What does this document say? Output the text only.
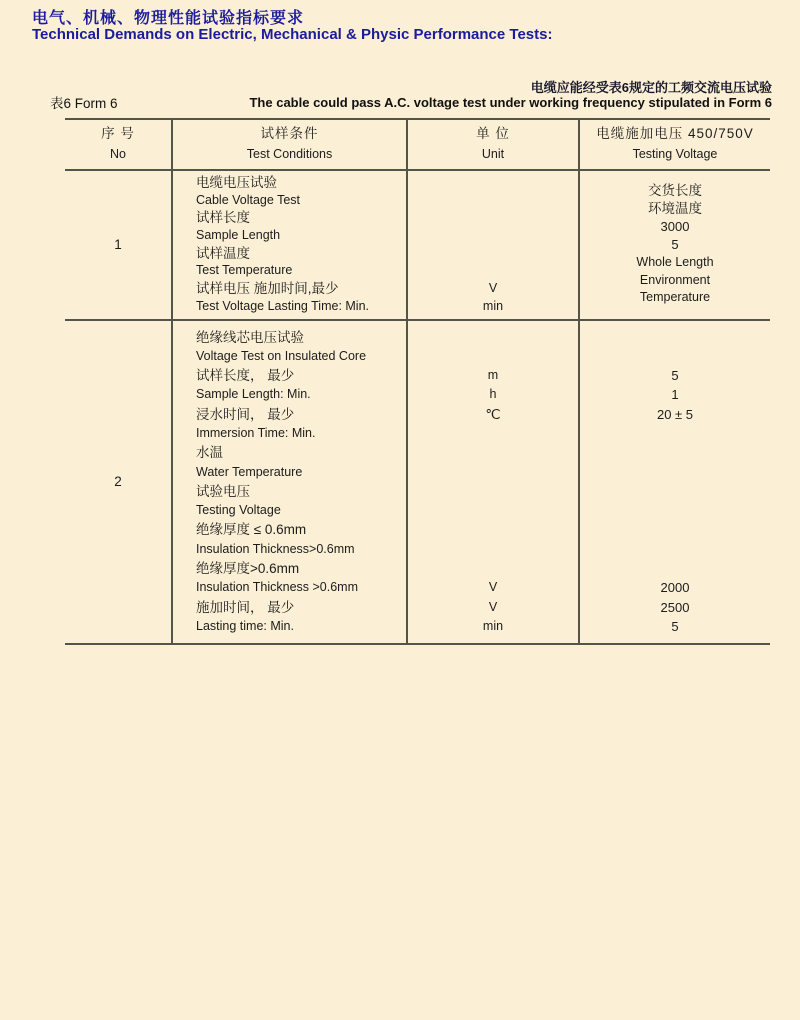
电气、机械、物理性能试验指标要求
Technical Demands on Electric, Mechanical & Physic Performance Tests:
电缆应能经受表6规定的工频交流电压试验
表6 Form 6	The cable could pass A.C. voltage test under working frequency stipulated in Form 6
序 号
No
试样条件
Test Conditions
单 位
Unit
电缆施加电压 450/750V
Testing Voltage
1
电缆电压试验
Cable Voltage Test
试样长度
Sample Length
试样温度
Test Temperature
试样电压 施加时间,最少
Test Voltage Lasting Time: Min.
V
min
交货长度
环境温度
3000
5
Whole Length
Environment
Temperature
2
绝缘线芯电压试验
Voltage Test on Insulated Core
试样长度， 最少
Sample Length: Min.
浸水时间， 最少
Immersion Time: Min.
水温
Water Temperature
试验电压
Testing Voltage
绝缘厚度 ≤ 0.6mm
Insulation Thickness>0.6mm
绝缘厚度>0.6mm
Insulation Thickness >0.6mm
施加时间， 最少
Lasting time: Min.
m
h
℃
V
V
min
5
1
20 ± 5
2000
2500
5
